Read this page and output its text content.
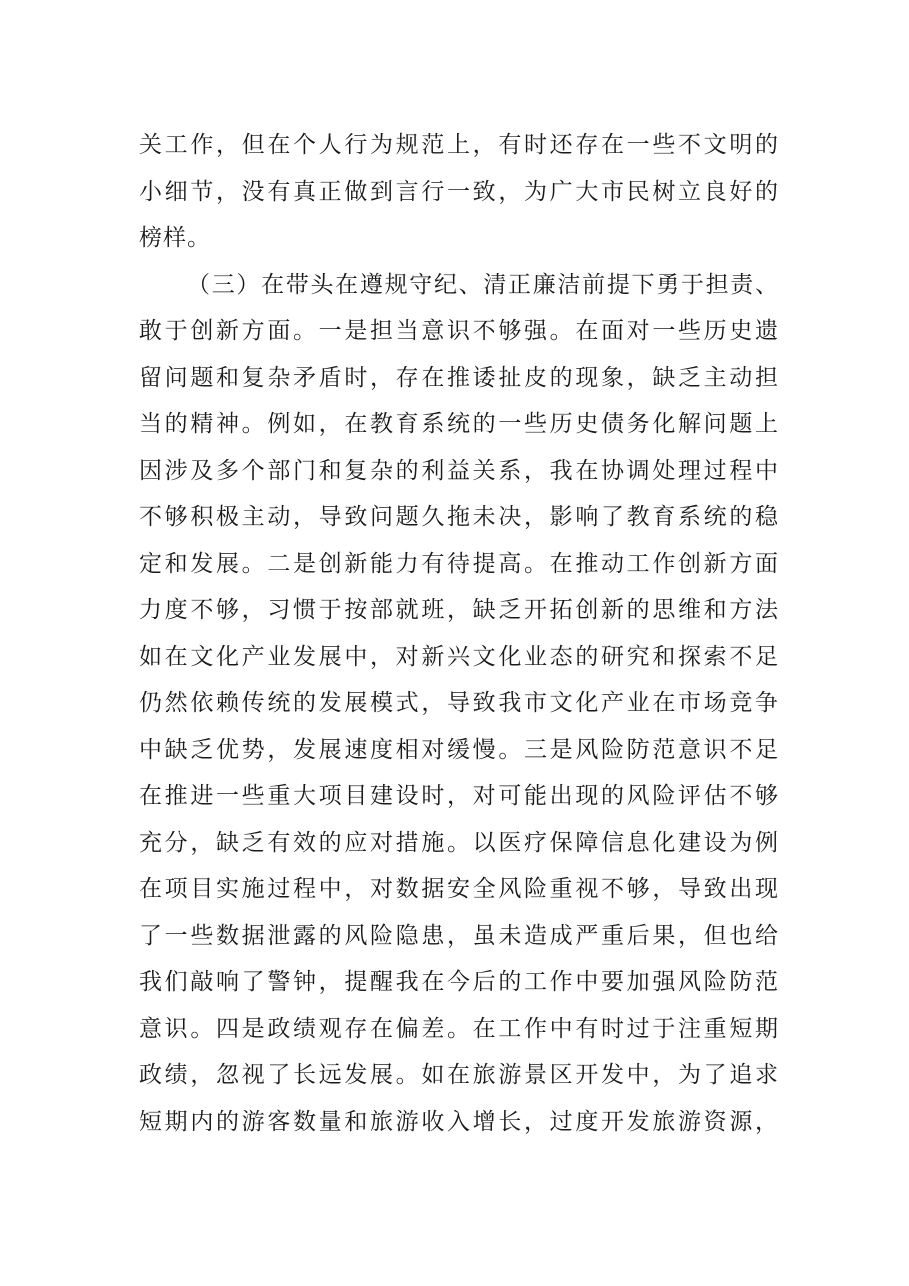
关工作，但在个人行为规范上，有时还存在一些不文明的
小细节，没有真正做到言行一致，为广大市民树立良好的
榜样。
（三）在带头在遵规守纪、清正廉洁前提下勇于担责、
敢于创新方面。一是担当意识不够强。在面对一些历史遗
留问题和复杂矛盾时，存在推诿扯皮的现象，缺乏主动担
当的精神。例如，在教育系统的一些历史债务化解问题上
因涉及多个部门和复杂的利益关系，我在协调处理过程中
不够积极主动，导致问题久拖未决，影响了教育系统的稳
定和发展。二是创新能力有待提高。在推动工作创新方面
力度不够，习惯于按部就班，缺乏开拓创新的思维和方法
如在文化产业发展中，对新兴文化业态的研究和探索不足
仍然依赖传统的发展模式，导致我市文化产业在市场竞争
中缺乏优势，发展速度相对缓慢。三是风险防范意识不足
在推进一些重大项目建设时，对可能出现的风险评估不够
充分，缺乏有效的应对措施。以医疗保障信息化建设为例
在项目实施过程中，对数据安全风险重视不够，导致出现
了一些数据泄露的风险隐患，虽未造成严重后果，但也给
我们敲响了警钟，提醒我在今后的工作中要加强风险防范
意识。四是政绩观存在偏差。在工作中有时过于注重短期
政绩，忽视了长远发展。如在旅游景区开发中，为了追求
短期内的游客数量和旅游收入增长，过度开发旅游资源，
